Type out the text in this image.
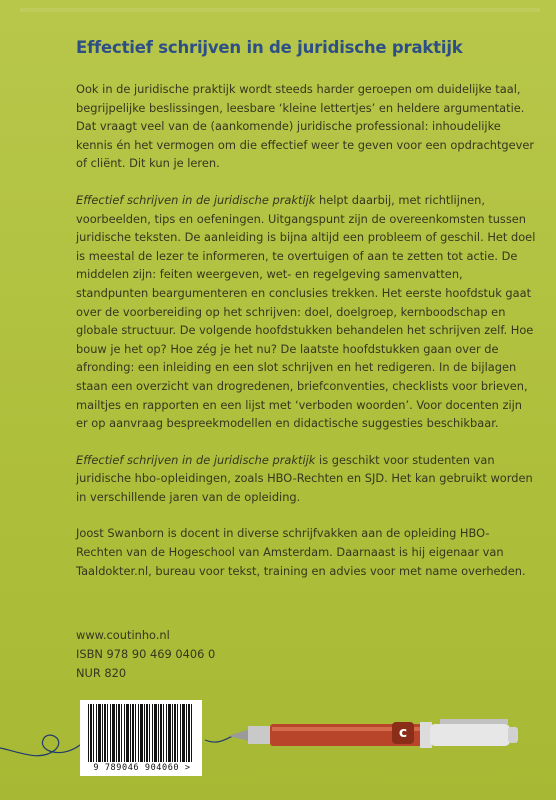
Effectief schrijven in de juridische praktijk

Ook in de juridische praktijk wordt steeds harder geroepen om duidelijke taal, begrijpelijke beslissingen, leesbare ‘kleine lettertjes’ en heldere argumentatie. Dat vraagt veel van de (aankomende) juridische professional: inhoudelijke kennis én het vermogen om die effectief weer te geven voor een opdrachtgever of cliënt. Dit kun je leren.

Effectief schrijven in de juridische praktijk helpt daarbij, met richtlijnen, voorbeelden, tips en oefeningen. Uitgangspunt zijn de overeenkomsten tussen juridische teksten. De aanleiding is bijna altijd een probleem of geschil. Het doel is meestal de lezer te informeren, te overtuigen of aan te zetten tot actie. De middelen zijn: feiten weergeven, wet- en regelgeving samenvatten, standpunten beargumenteren en conclusies trekken. Het eerste hoofdstuk gaat over de voorbereiding op het schrijven: doel, doelgroep, kernboodschap en globale structuur. De volgende hoofdstukken behandelen het schrijven zelf. Hoe bouw je het op? Hoe zég je het nu? De laatste hoofdstukken gaan over de afronding: een inleiding en een slot schrijven en het redigeren. In de bijlagen staan een overzicht van drogredenen, briefconventies, checklists voor brieven, mailtjes en rapporten en een lijst met ‘verboden woorden’. Voor docenten zijn er op aanvraag bespreekmodellen en didactische suggesties beschikbaar.

Effectief schrijven in de juridische praktijk is geschikt voor studenten van juridische hbo-opleidingen, zoals HBO-Rechten en SJD. Het kan gebruikt worden in verschillende jaren van de opleiding.

Joost Swanborn is docent in diverse schrijfvakken aan de opleiding HBO-Rechten van de Hogeschool van Amsterdam. Daarnaast is hij eigenaar van Taaldokter.nl, bureau voor tekst, training en advies voor met name overheden.

www.coutinho.nl
ISBN 978 90 469 0406 0
NUR 820
c
9 789046 904060 >
